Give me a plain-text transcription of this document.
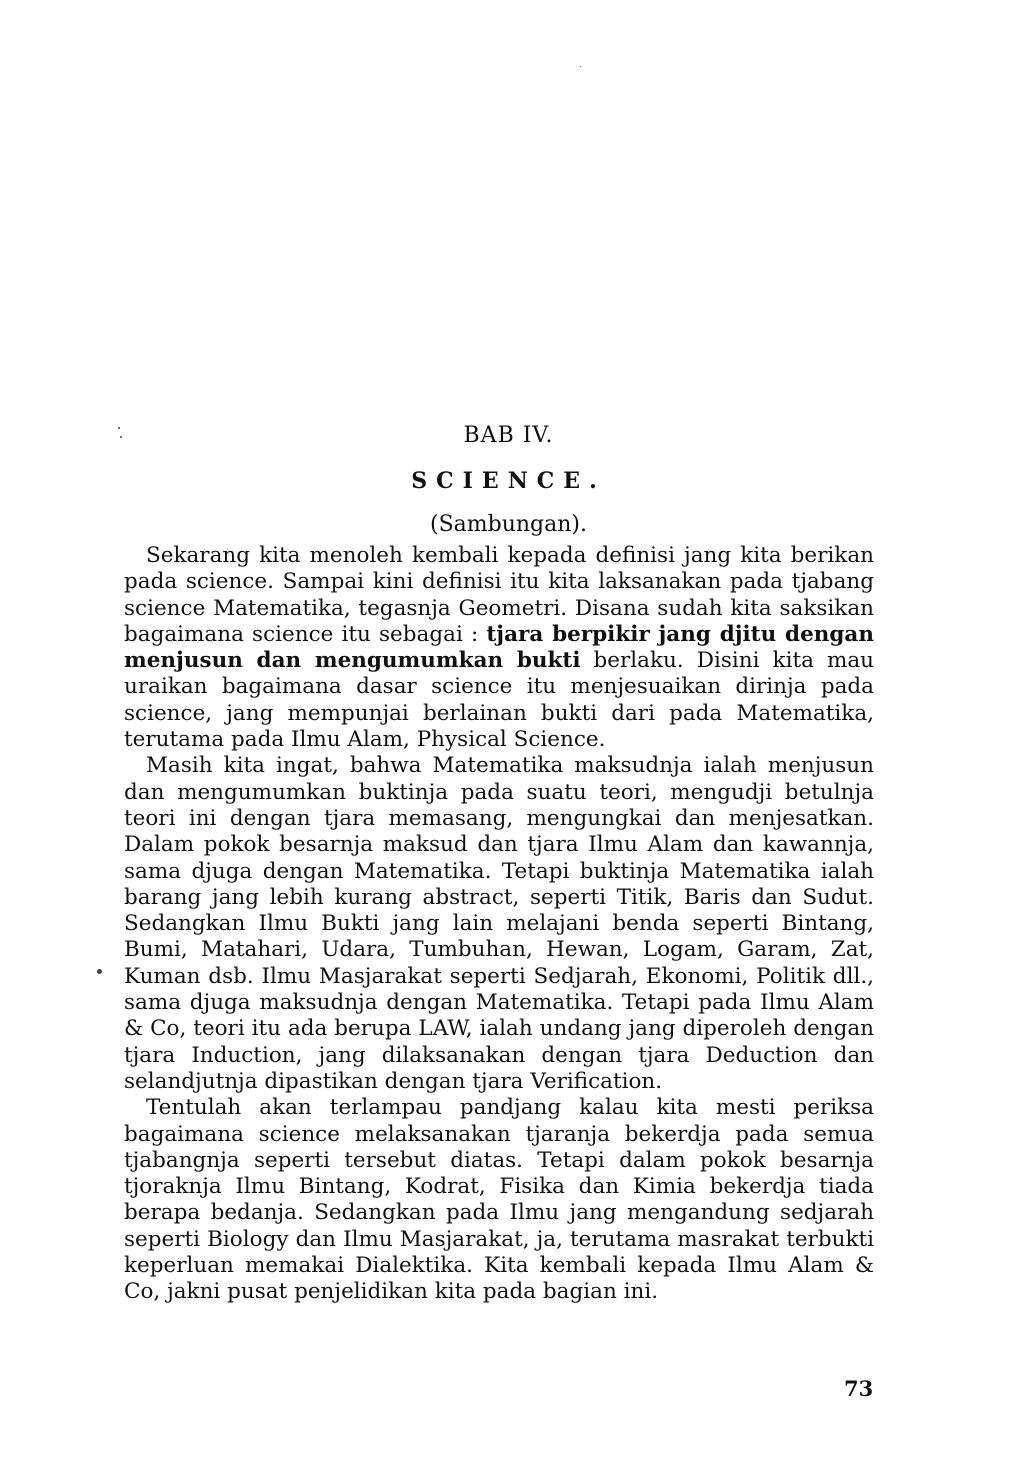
BAB IV.
SCIENCE.
(Sambungan).

Sekarang kita menoleh kembali kepada definisi jang kita berikan pada science. Sampai kini definisi itu kita laksanakan pada tjabang science Matematika, tegasnja Geometri. Disana sudah kita saksikan bagaimana science itu sebagai : tjara berpikir jang djitu dengan menjusun dan mengumumkan bukti berlaku. Disini kita mau uraikan bagaimana dasar science itu menjesuaikan dirinja pada science, jang mempunjai berlainan bukti dari pada Matematika, terutama pada Ilmu Alam, Physical Science.

Masih kita ingat, bahwa Matematika maksudnja ialah menjusun dan mengumumkan buktinja pada suatu teori, mengudji betulnja teori ini dengan tjara memasang, mengungkai dan menjesatkan. Dalam pokok besarnja maksud dan tjara Ilmu Alam dan kawannja, sama djuga dengan Matematika. Tetapi buktinja Matematika ialah barang jang lebih kurang abstract, seperti Titik, Baris dan Sudut. Sedangkan Ilmu Bukti jang lain melajani benda seperti Bintang, Bumi, Matahari, Udara, Tumbuhan, Hewan, Logam, Garam, Zat, Kuman dsb. Ilmu Masjarakat seperti Sedjarah, Ekonomi, Politik dll., sama djuga maksudnja dengan Matematika. Tetapi pada Ilmu Alam & Co, teori itu ada berupa LAW, ialah undang jang diperoleh dengan tjara Induction, jang dilaksanakan dengan tjara Deduction dan selandjutnja dipastikan dengan tjara Verification.

Tentulah akan terlampau pandjang kalau kita mesti periksa bagaimana science melaksanakan tjaranja bekerdja pada semua tjabangnja seperti tersebut diatas. Tetapi dalam pokok besarnja tjoraknja Ilmu Bintang, Kodrat, Fisika dan Kimia bekerdja tiada berapa bedanja. Sedangkan pada Ilmu jang mengandung sedjarah seperti Biology dan Ilmu Masjarakat, ja, terutama masrakat terbukti keperluan memakai Dialektika. Kita kembali kepada Ilmu Alam & Co, jakni pusat penjelidikan kita pada bagian ini.

73
